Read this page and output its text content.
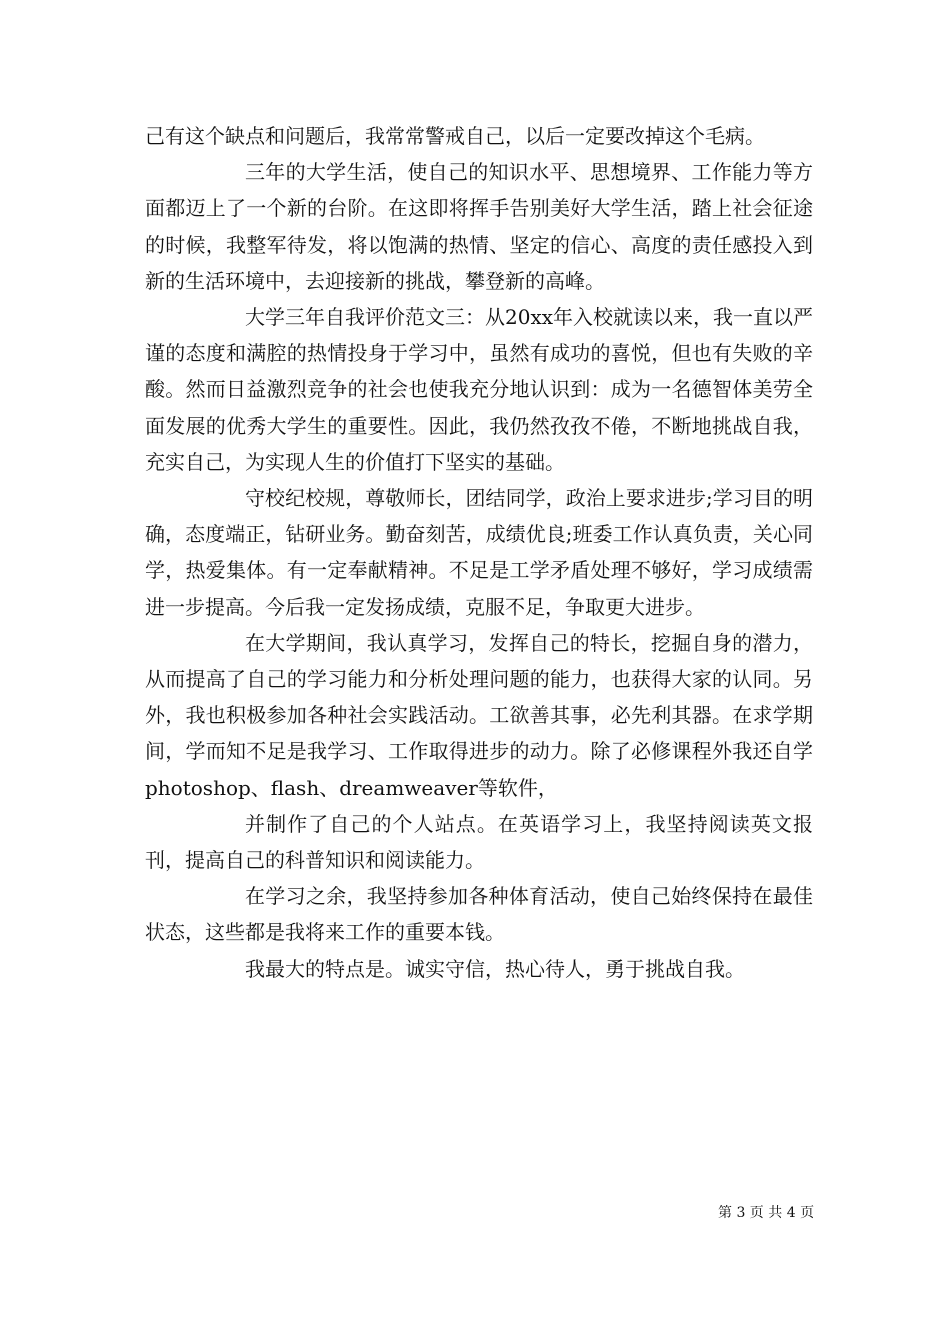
己有这个缺点和问题后，我常常警戒自己，以后一定要改掉这个毛病。

三年的大学生活，使自己的知识水平、思想境界、工作能力等方面都迈上了一个新的台阶。在这即将挥手告别美好大学生活，踏上社会征途的时候，我整军待发，将以饱满的热情、坚定的信心、高度的责任感投入到新的生活环境中，去迎接新的挑战，攀登新的高峰。

大学三年自我评价范文三：从20xx年入校就读以来，我一直以严谨的态度和满腔的热情投身于学习中，虽然有成功的喜悦，但也有失败的辛酸。然而日益激烈竞争的社会也使我充分地认识到：成为一名德智体美劳全面发展的优秀大学生的重要性。因此，我仍然孜孜不倦，不断地挑战自我，充实自己，为实现人生的价值打下坚实的基础。

守校纪校规，尊敬师长，团结同学，政治上要求进步;学习目的明确，态度端正，钻研业务。勤奋刻苦，成绩优良;班委工作认真负责，关心同学，热爱集体。有一定奉献精神。不足是工学矛盾处理不够好，学习成绩需进一步提高。今后我一定发扬成绩，克服不足，争取更大进步。

在大学期间，我认真学习，发挥自己的特长，挖掘自身的潜力，从而提高了自己的学习能力和分析处理问题的能力，也获得大家的认同。另外，我也积极参加各种社会实践活动。工欲善其事，必先利其器。在求学期间，学而知不足是我学习、工作取得进步的动力。除了必修课程外我还自学photoshop、flash、dreamweaver等软件，

并制作了自己的个人站点。在英语学习上，我坚持阅读英文报刊，提高自己的科普知识和阅读能力。

在学习之余，我坚持参加各种体育活动，使自己始终保持在最佳状态，这些都是我将来工作的重要本钱。

我最大的特点是。诚实守信，热心待人，勇于挑战自我。

第 3 页 共 4 页
